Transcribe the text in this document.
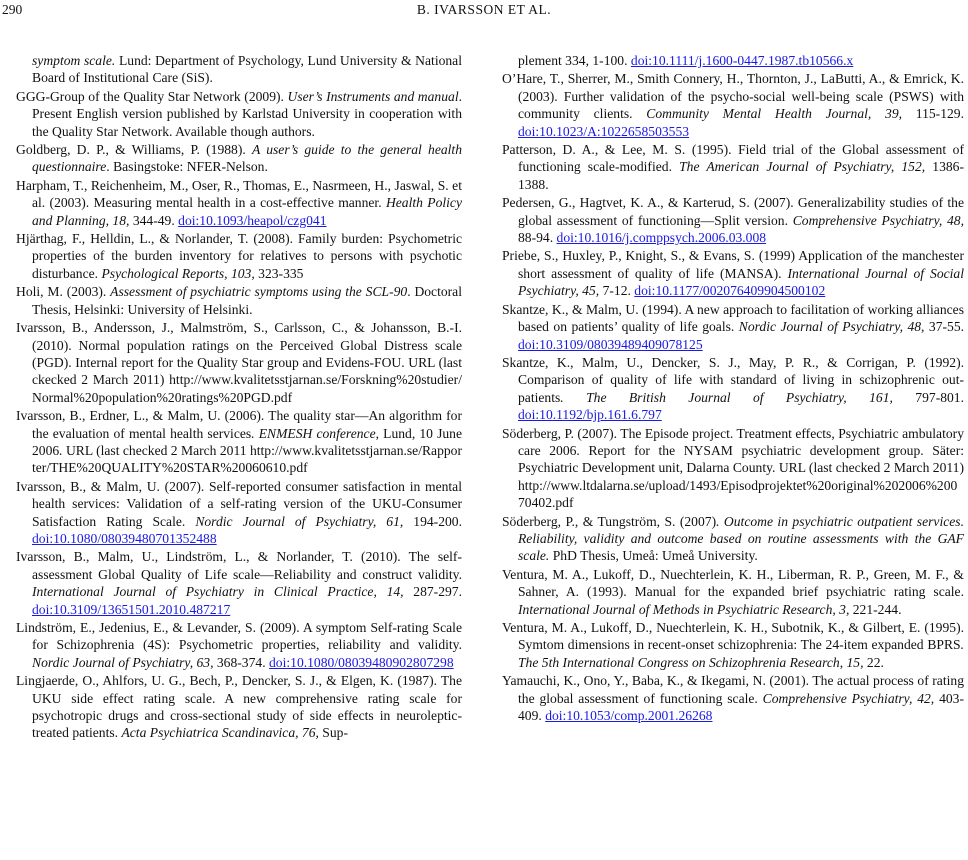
290	B. IVARSSON ET AL.

symptom scale. Lund: Department of Psychology, Lund University & National Board of Institutional Care (SiS).

GGG-Group of the Quality Star Network (2009). User’s Instruments and manual. Present English version published by Karlstad University in cooperation with the Quality Star Network. Available though authors.

Goldberg, D. P., & Williams, P. (1988). A user’s guide to the general health questionnaire. Basingstoke: NFER-Nelson.

Harpham, T., Reichenheim, M., Oser, R., Thomas, E., Nasrmeen, H., Jaswal, S. et al. (2003). Measuring mental health in a cost-effective manner. Health Policy and Planning, 18, 344-49. doi:10.1093/heapol/czg041

Hjärthag, F., Helldin, L., & Norlander, T. (2008). Family burden: Psychometric properties of the burden inventory for relatives to persons with psychotic disturbance. Psychological Reports, 103, 323-335

Holi, M. (2003). Assessment of psychiatric symptoms using the SCL-90. Doctoral Thesis, Helsinki: University of Helsinki.

Ivarsson, B., Andersson, J., Malmström, S., Carlsson, C., & Johansson, B.-I. (2010). Normal population ratings on the Perceived Global Distress scale (PGD). Internal report for the Quality Star group and Evidens-FOU. URL (last ckecked 2 March 2011) http://www.kvalitetsstjarnan.se/Forskning%20studier/Normal%20population%20ratings%20PGD.pdf

Ivarsson, B., Erdner, L., & Malm, U. (2006). The quality star—An algorithm for the evaluation of mental health services. ENMESH conference, Lund, 10 June 2006. URL (last checked 2 March 2011 http://www.kvalitetsstjarnan.se/Rapporter/THE%20QUALITY%20STAR%20060610.pdf

Ivarsson, B., & Malm, U. (2007). Self-reported consumer satisfaction in mental health services: Validation of a self-rating version of the UKU-Consumer Satisfaction Rating Scale. Nordic Journal of Psychiatry, 61, 194-200. doi:10.1080/08039480701352488

Ivarsson, B., Malm, U., Lindström, L., & Norlander, T. (2010). The self-assessment Global Quality of Life scale—Reliability and construct validity. International Journal of Psychiatry in Clinical Practice, 14, 287-297. doi:10.3109/13651501.2010.487217

Lindström, E., Jedenius, E., & Levander, S. (2009). A symptom Self-rating Scale for Schizophrenia (4S): Psychometric properties, reliability and validity. Nordic Journal of Psychiatry, 63, 368-374. doi:10.1080/08039480902807298

Lingjaerde, O., Ahlfors, U. G., Bech, P., Dencker, S. J., & Elgen, K. (1987). The UKU side effect rating scale. A new comprehensive rating scale for psychotropic drugs and cross-sectional study of side effects in neuroleptic-treated patients. Acta Psychiatrica Scandinavica, 76, Sup-

plement 334, 1-100. doi:10.1111/j.1600-0447.1987.tb10566.x

O’Hare, T., Sherrer, M., Smith Connery, H., Thornton, J., LaButti, A., & Emrick, K. (2003). Further validation of the psycho-social well-being scale (PSWS) with community clients. Community Mental Health Journal, 39, 115-129. doi:10.1023/A:1022658503553

Patterson, D. A., & Lee, M. S. (1995). Field trial of the Global assessment of functioning scale-modified. The American Journal of Psychiatry, 152, 1386-1388.

Pedersen, G., Hagtvet, K. A., & Karterud, S. (2007). Generalizability studies of the global assessment of functioning—Split version. Comprehensive Psychiatry, 48, 88-94. doi:10.1016/j.comppsych.2006.03.008

Priebe, S., Huxley, P., Knight, S., & Evans, S. (1999) Application of the manchester short assessment of quality of life (MANSA). International Journal of Social Psychiatry, 45, 7-12. doi:10.1177/002076409904500102

Skantze, K., & Malm, U. (1994). A new approach to facilitation of working alliances based on patients’ quality of life goals. Nordic Journal of Psychiatry, 48, 37-55. doi:10.3109/08039489409078125

Skantze, K., Malm, U., Dencker, S. J., May, P. R., & Corrigan, P. (1992). Comparison of quality of life with standard of living in schizophrenic out-patients. The British Journal of Psychiatry, 161, 797-801. doi:10.1192/bjp.161.6.797

Söderberg, P. (2007). The Episode project. Treatment effects, Psychiatric ambulatory care 2006. Report for the NYSAM psychiatric development group. Säter: Psychiatric Development unit, Dalarna County. URL (last checked 2 March 2011) http://www.ltdalarna.se/upload/1493/Episodprojektet%20original%202006%20070402.pdf

Söderberg, P., & Tungström, S. (2007). Outcome in psychiatric outpatient services. Reliability, validity and outcome based on routine assessments with the GAF scale. PhD Thesis, Umeå: Umeå University.

Ventura, M. A., Lukoff, D., Nuechterlein, K. H., Liberman, R. P., Green, M. F., & Sahner, A. (1993). Manual for the expanded brief psychiatric rating scale. International Journal of Methods in Psychiatric Research, 3, 221-244.

Ventura, M. A., Lukoff, D., Nuechterlein, K. H., Subotnik, K., & Gilbert, E. (1995). Symtom dimensions in recent-onset schizophrenia: The 24-item expanded BPRS. The 5th International Congress on Schizophrenia Research, 15, 22.

Yamauchi, K., Ono, Y., Baba, K., & Ikegami, N. (2001). The actual process of rating the global assessment of functioning scale. Comprehensive Psychiatry, 42, 403-409. doi:10.1053/comp.2001.26268
